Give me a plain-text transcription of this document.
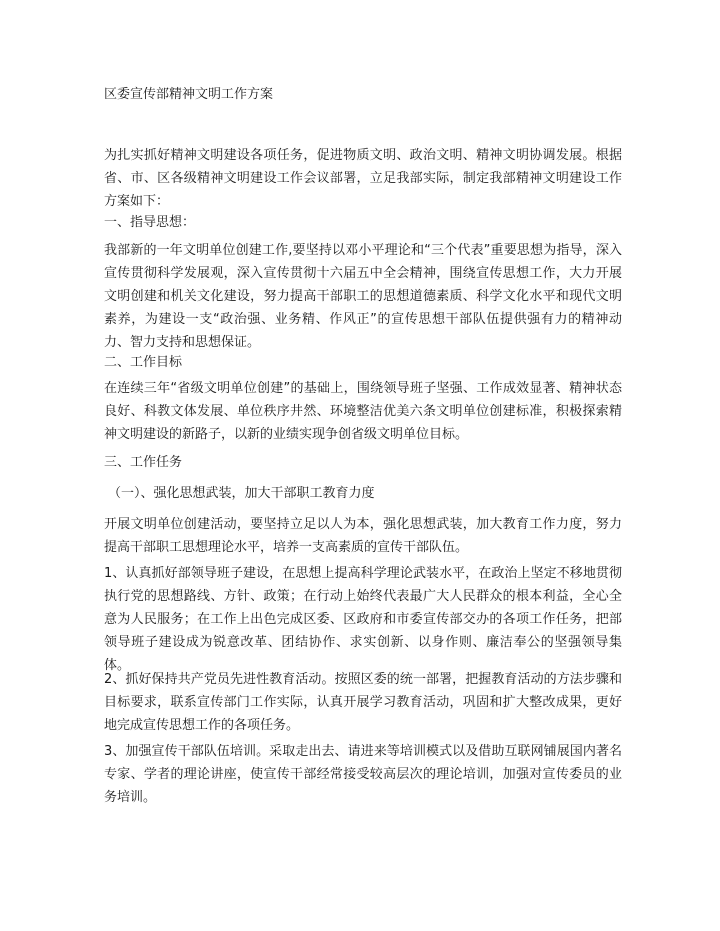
区委宣传部精神文明工作方案

为扎实抓好精神文明建设各项任务，促进物质文明、政治文明、精神文明协调发展。根据省、市、区各级精神文明建设工作会议部署，立足我部实际，制定我部精神文明建设工作方案如下：

一、指导思想：

我部新的一年文明单位创建工作,要坚持以邓小平理论和“三个代表”重要思想为指导，深入宣传贯彻科学发展观，深入宣传贯彻十六届五中全会精神，围绕宣传思想工作，大力开展文明创建和机关文化建设，努力提高干部职工的思想道德素质、科学文化水平和现代文明素养，为建设一支“政治强、业务精、作风正”的宣传思想干部队伍提供强有力的精神动力、智力支持和思想保证。

二、工作目标

在连续三年“省级文明单位创建”的基础上，围绕领导班子坚强、工作成效显著、精神状态良好、科教文体发展、单位秩序井然、环境整洁优美六条文明单位创建标准，积极探索精神文明建设的新路子，以新的业绩实现争创省级文明单位目标。

三、工作任务
（一）、强化思想武装，加大干部职工教育力度

开展文明单位创建活动，要坚持立足以人为本，强化思想武装，加大教育工作力度，努力提高干部职工思想理论水平，培养一支高素质的宣传干部队伍。

1、认真抓好部领导班子建设，在思想上提高科学理论武装水平，在政治上坚定不移地贯彻执行党的思想路线、方针、政策；在行动上始终代表最广大人民群众的根本利益，全心全意为人民服务；在工作上出色完成区委、区政府和市委宣传部交办的各项工作任务，把部领导班子建设成为锐意改革、团结协作、求实创新、以身作则、廉洁奉公的坚强领导集体。

2、抓好保持共产党员先进性教育活动。按照区委的统一部署，把握教育活动的方法步骤和目标要求，联系宣传部门工作实际，认真开展学习教育活动，巩固和扩大整改成果，更好地完成宣传思想工作的各项任务。

3、加强宣传干部队伍培训。采取走出去、请进来等培训模式以及借助互联网铺展国内著名专家、学者的理论讲座，使宣传干部经常接受较高层次的理论培训，加强对宣传委员的业务培训。
